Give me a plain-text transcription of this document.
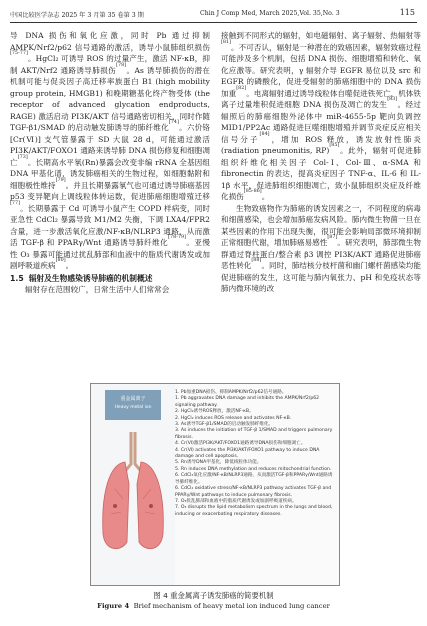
中国比较医学杂志 2025 年 3 月第 35 卷第 3 期	Chin J Comp Med, March 2025,Vol. 35,No. 3	115

导 DNA 损伤和氧化应激，同时 Pb 通过抑制 AMPK/Nrf2/p62 信号通路的激活，诱导小鼠肺组织损伤[75-77]。HgCl₂ 可诱导 ROS 的过量产生，激活 NF-κB，抑制 AKT/Nrf2 通路诱导肺损伤[78]。As 诱导肺损伤的潜在机制可能与促炎因子高迁移率族蛋白 B1 (high mobility group protein, HMGB1) 和晚期糖基化终产物受体 (the receptor of advanced glycation endproducts, RAGE) 激活启动 PI3K/AKT 信号通路密切相关，同时作随 TGF-β1/SMAD 的启动触发肺诱导的肺纤维化[74]。六价铬 [Cr(Ⅵ)] 支气管暴露于 SD 大鼠 28 d，可能通过激活 PI3K/AKT/FOXO1 通路来诱导肺 DNA 损伤修复和细胞凋亡[73]。长期高水平氡(Rn)暴露会改变非编 rRNA 全基因组 DNA 甲基化谱，诱发肺癌相关的生物过程，如细胞黏附和细胞极性维持[79]。并且长期暴露氡气也可通过诱导肺癌基因 p53 变异靶向上调线粒体转运数，促进肺癌细胞增殖迁移[77]。长期暴露于 Cd 可诱导小鼠产生 COPD 样病变，同时亚急性 CdCl₂ 暴露导致 M1/M2 失衡，下调 LXA4/FPR2 含量，进一步激活氧化应激/NF-κB/NLRP3 通路，从而激活 TGF-β 和 PPARγ/Wnt 通路诱导肺纤维化[78-79]。亚慢性 O₃ 暴露可能通过扰乱肺部和血液中的脂质代谢诱发或加剧呼吸道疾病[80]。

1.5 辐射及生物感染诱导肺癌的机制概述

辐射存在范围较广，日常生活中人们常常会

接触到不同形式的辐射，如电磁辐射、离子辐射、热辐射等[81]。不可否认，辐射是一种潜在的致癌因素，辐射致癌过程可能涉及多个机制，包括 DNA 损伤、细胞增殖和转化、氧化应激等。研究表明，γ 辐射介导 EGFR 易位以及 src 和 EGFR 的磷酸化，促进受辐射的肺癌细胞中的 DNA 损伤加重[82]。电离辐射通过诱导线粒体自噬促进铁死亡，机体铁离子过量堆积促进细胞 DNA 损伤及凋亡的发生[83]。经过辐照后的肺癌细胞外泌体中 miR-4655-5p 靶向负调控 MID1/PP2Ac 通路促进巨噬细胞增殖并调节炎症反应相关信号分子[84]，增加 ROS 释放，诱发放射性肺炎 (radiation pneumonitis, RP)[85]。此外，辐射可促进肺组织纤维化相关因子 Col-Ⅰ、Col-Ⅲ、α-SMA 和 fibronectin 的表达，提高炎症因子 TNF-α、IL-6 和 IL-1β 水平，促进肺组织细胞凋亡，致小鼠肺组织炎症及纤维化损伤[85-86]。

生物致癌物作为肺癌的诱发因素之一，不同程度的病毒和细菌感染，也会增加肺癌发病风险。肺内微生物菌一旦在某些因素的作用下出现失衡，很可能会影响局部微环境抑制正常细胞代谢，增加肺癌易感性[87]。研究表明，肺部微生物群通过脊柱蛋白/整合素 β3 调控 PI3K/AKT 通路促进肺癌恶性转化[88]。同时，肺结核分枝杆菌和幽门螺杆菌感染均能促进肺癌的发生，这可能与肺内氧张力、pH 和免疫状态等肺内微环境的改

重金属离子
Heavy metal ion
1. Pb加重DNA损伤、抑制AMPK/Nrf2/p62信号通路。
1. Pb aggravates DNA damage and inhibits the AMPK/Nrf2/p62 signaling pathway.
2. HgCl₂诱导ROS释放，激活NF-κB。
2. HgCl₂ induces ROS release and activates NF-κB.
3. As诱导TGF-β1/SMAD的启动触发肺纤维化。
3. As induces the initiation of TGF-β 1/SMAD and triggers pulmonary fibrosis.
4. Cr(Ⅵ)激活PI3K/AKT/FOXO1通路诱导DNA损伤和细胞凋亡。
4. Cr(Ⅵ) activates the PI3K/AKT/FOXO1 pathway to induce DNA damage and cell apoptosis.
5. Rn诱导DNA甲基化，降低线粒体功能。
5. Rn induces DNA methylation and reduces mitochondrial function.
6. CdCl₂氧化应激/NF-κB/NLRP3通路，从而激活TGF-β和PPARγ/Wnt通路诱导肺纤维化。
6. CdCl₂ oxidative stress/NF-κB/NLRP3 pathway activates TGF-β and PPARγ/Wnt pathways to induce pulmonary fibrosis.
7. O₃扰乱肺部和血液中的脂质代谢诱发或加剧呼吸道疾病。
7. O₃ disrupts the lipid metabolism spectrum in the lungs and blood, inducing or exacerbating respiratory diseases.
图 4 重金属离子诱发肺癌的简要机制
Figure 4 Brief mechanism of heavy metal ion induced lung cancer
